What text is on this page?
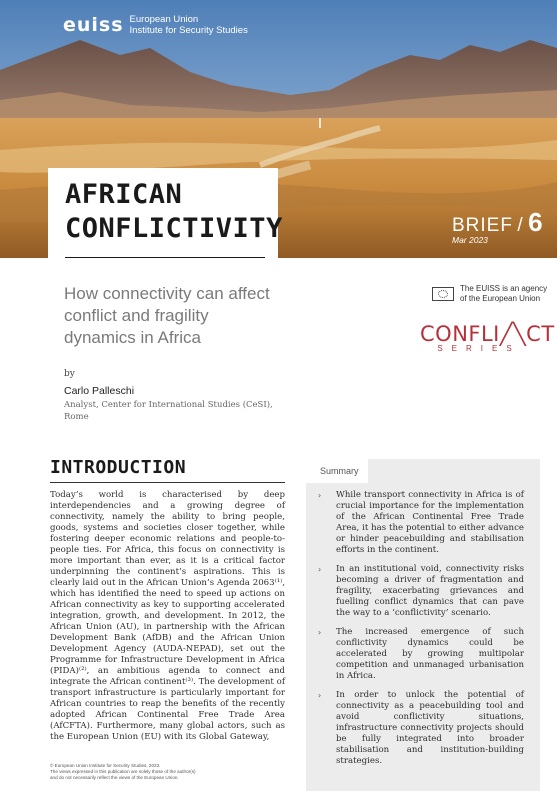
euiss European Union
Institute for Security Studies
AFRICAN
CONFLICTIVITY	BRIEF / 6
Mar 2023
How connectivity can affect conflict and fragility dynamics in Africa
by
Carlo Palleschi
Analyst, Center for International Studies (CeSI), Rome
The EUISS is an agency
of the European Union
CONFLI╱╲CT
SERIES
INTRODUCTION
Today’s world is characterised by deep interdependencies and a growing degree of connectivity, namely the ability to bring people, goods, systems and societies closer together, while fostering deeper economic relations and people-to-people ties. For Africa, this focus on connectivity is more important than ever, as it is a critical factor underpinning the continent’s aspirations. This is clearly laid out in the African Union’s Agenda 2063⁽¹⁾, which has identified the need to speed up actions on African connectivity as key to supporting accelerated integration, growth, and development. In 2012, the African Union (AU), in partnership with the African Development Bank (AfDB) and the African Union Development Agency (AUDA-NEPAD), set out the Programme for Infrastructure Development in Africa (PIDA)⁽²⁾, an ambitious agenda to connect and integrate the African continent⁽³⁾. The development of transport infrastructure is particularly important for African countries to reap the benefits of the recently adopted African Continental Free Trade Area (AfCFTA). Furthermore, many global actors, such as the European Union (EU) with its Global Gateway,
Summary
› While transport connectivity in Africa is of crucial importance for the implementation of the African Continental Free Trade Area, it has the potential to either advance or hinder peacebuilding and stabilisation efforts in the continent.
› In an institutional void, connectivity risks becoming a driver of fragmentation and fragility, exacerbating grievances and fuelling conflict dynamics that can pave the way to a ‘conflictivity’ scenario.
› The increased emergence of such conflictivity dynamics could be accelerated by growing multipolar competition and unmanaged urbanisation in Africa.
› In order to unlock the potential of connectivity as a peacebuilding tool and avoid conflictivity situations, infrastructure connectivity projects should be fully integrated into broader stabilisation and institution-building strategies.
© European Union Institute for Security Studies, 2023.
The views expressed in this publication are solely those of the author(s)
and do not necessarily reflect the views of the European Union.
